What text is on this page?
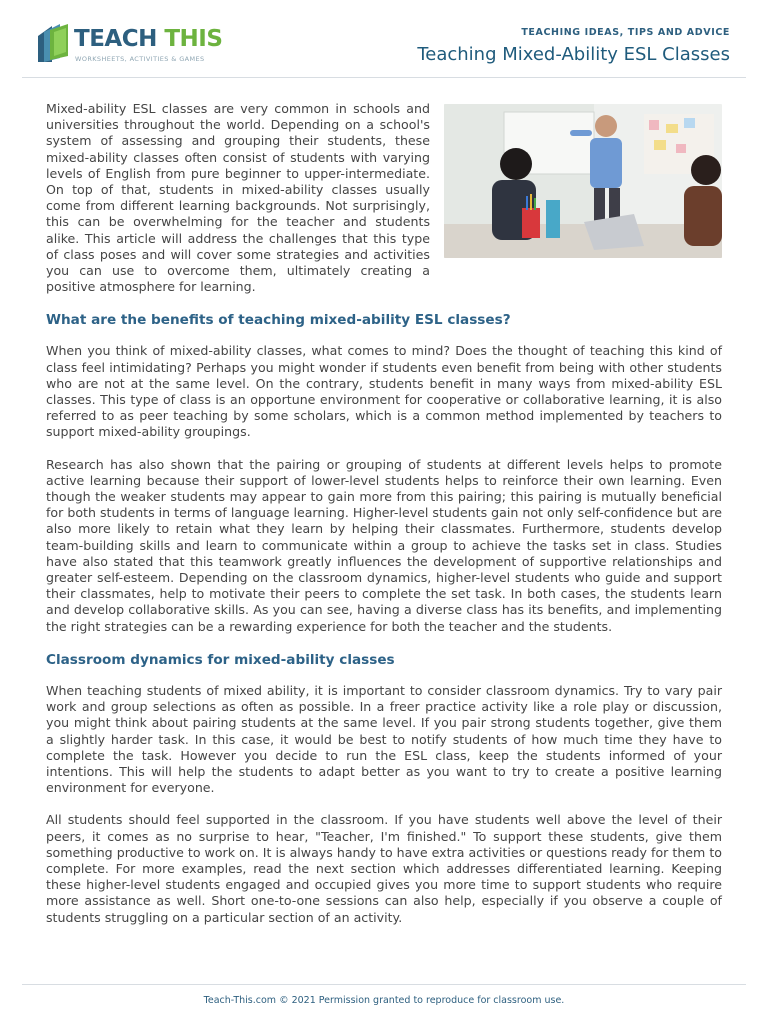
TEACH THIS
WORKSHEETS, ACTIVITIES & GAMES
TEACHING IDEAS, TIPS AND ADVICE
Teaching Mixed-Ability ESL Classes

Mixed-ability ESL classes are very common in schools and universities throughout the world. Depending on a school's system of assessing and grouping their students, these mixed-ability classes often consist of students with varying levels of English from pure beginner to upper-intermediate. On top of that, students in mixed-ability classes usually come from different learning backgrounds. Not surprisingly, this can be overwhelming for the teacher and students alike. This article will address the challenges that this type of class poses and will cover some strategies and activities you can use to overcome them, ultimately creating a positive atmosphere for learning.

What are the benefits of teaching mixed-ability ESL classes?

When you think of mixed-ability classes, what comes to mind? Does the thought of teaching this kind of class feel intimidating? Perhaps you might wonder if students even benefit from being with other students who are not at the same level. On the contrary, students benefit in many ways from mixed-ability ESL classes. This type of class is an opportune environment for cooperative or collaborative learning, it is also referred to as peer teaching by some scholars, which is a common method implemented by teachers to support mixed-ability groupings.

Research has also shown that the pairing or grouping of students at different levels helps to promote active learning because their support of lower-level students helps to reinforce their own learning. Even though the weaker students may appear to gain more from this pairing; this pairing is mutually beneficial for both students in terms of language learning. Higher-level students gain not only self-confidence but are also more likely to retain what they learn by helping their classmates. Furthermore, students develop team-building skills and learn to communicate within a group to achieve the tasks set in class. Studies have also stated that this teamwork greatly influences the development of supportive relationships and greater self-esteem. Depending on the classroom dynamics, higher-level students who guide and support their classmates, help to motivate their peers to complete the set task. In both cases, the students learn and develop collaborative skills. As you can see, having a diverse class has its benefits, and implementing the right strategies can be a rewarding experience for both the teacher and the students.

Classroom dynamics for mixed-ability classes

When teaching students of mixed ability, it is important to consider classroom dynamics. Try to vary pair work and group selections as often as possible. In a freer practice activity like a role play or discussion, you might think about pairing students at the same level. If you pair strong students together, give them a slightly harder task. In this case, it would be best to notify students of how much time they have to complete the task. However you decide to run the ESL class, keep the students informed of your intentions. This will help the students to adapt better as you want to try to create a positive learning environment for everyone.

All students should feel supported in the classroom. If you have students well above the level of their peers, it comes as no surprise to hear, "Teacher, I'm finished." To support these students, give them something productive to work on. It is always handy to have extra activities or questions ready for them to complete. For more examples, read the next section which addresses differentiated learning. Keeping these higher-level students engaged and occupied gives you more time to support students who require more assistance as well. Short one-to-one sessions can also help, especially if you observe a couple of students struggling on a particular section of an activity.

Teach-This.com © 2021 Permission granted to reproduce for classroom use.
